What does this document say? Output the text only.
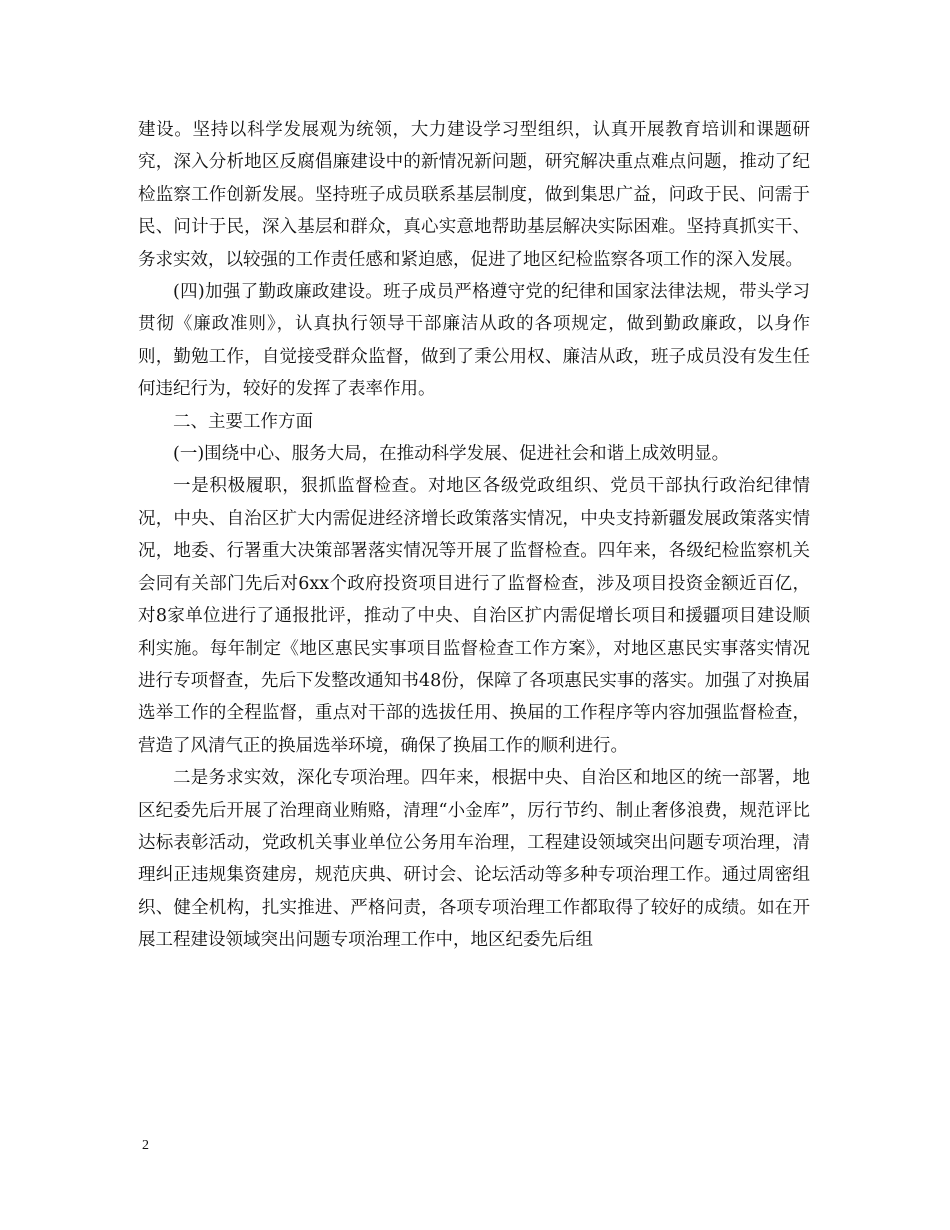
建设。坚持以科学发展观为统领，大力建设学习型组织，认真开展教育培训和课题研究，深入分析地区反腐倡廉建设中的新情况新问题，研究解决重点难点问题，推动了纪检监察工作创新发展。坚持班子成员联系基层制度，做到集思广益，问政于民、问需于民、问计于民，深入基层和群众，真心实意地帮助基层解决实际困难。坚持真抓实干、务求实效，以较强的工作责任感和紧迫感，促进了地区纪检监察各项工作的深入发展。

(四)加强了勤政廉政建设。班子成员严格遵守党的纪律和国家法律法规，带头学习贯彻《廉政准则》，认真执行领导干部廉洁从政的各项规定，做到勤政廉政，以身作则，勤勉工作，自觉接受群众监督，做到了秉公用权、廉洁从政，班子成员没有发生任何违纪行为，较好的发挥了表率作用。

二、主要工作方面

(一)围绕中心、服务大局，在推动科学发展、促进社会和谐上成效明显。

一是积极履职，狠抓监督检查。对地区各级党政组织、党员干部执行政治纪律情况，中央、自治区扩大内需促进经济增长政策落实情况，中央支持新疆发展政策落实情况，地委、行署重大决策部署落实情况等开展了监督检查。四年来，各级纪检监察机关会同有关部门先后对6xx个政府投资项目进行了监督检查，涉及项目投资金额近百亿，对8家单位进行了通报批评，推动了中央、自治区扩内需促增长项目和援疆项目建设顺利实施。每年制定《地区惠民实事项目监督检查工作方案》，对地区惠民实事落实情况进行专项督查，先后下发整改通知书48份，保障了各项惠民实事的落实。加强了对换届选举工作的全程监督，重点对干部的选拔任用、换届的工作程序等内容加强监督检查，营造了风清气正的换届选举环境，确保了换届工作的顺利进行。

二是务求实效，深化专项治理。四年来，根据中央、自治区和地区的统一部署，地区纪委先后开展了治理商业贿赂，清理“小金库”，厉行节约、制止奢侈浪费，规范评比达标表彰活动，党政机关事业单位公务用车治理，工程建设领域突出问题专项治理，清理纠正违规集资建房，规范庆典、研讨会、论坛活动等多种专项治理工作。通过周密组织、健全机构，扎实推进、严格问责，各项专项治理工作都取得了较好的成绩。如在开展工程建设领域突出问题专项治理工作中，地区纪委先后组

2
